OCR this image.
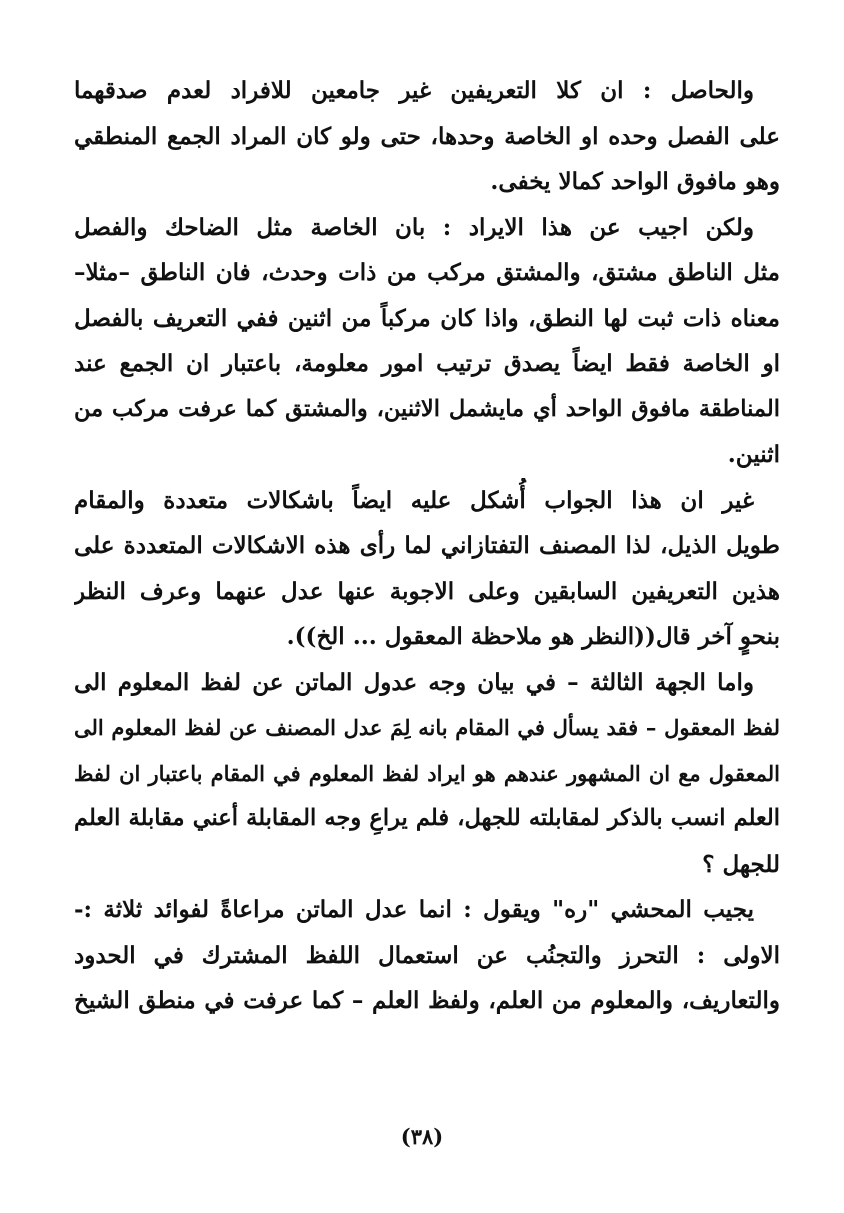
والحاصل : ان كلا التعريفين غير جامعين للافراد لعدم صدقهما
على الفصل وحده او الخاصة وحدها، حتى ولو كان المراد الجمع المنطقي
وهو مافوق الواحد كمالا يخفى.
ولكن اجيب عن هذا الايراد : بان الخاصة مثل الضاحك والفصل
مثل الناطق مشتق، والمشتق مركب من ذات وحدث، فان الناطق –مثلا–
معناه ذات ثبت لها النطق، واذا كان مركباً من اثنين ففي التعريف بالفصل
او الخاصة فقط ايضاً يصدق ترتيب امور معلومة، باعتبار ان الجمع عند
المناطقة مافوق الواحد أي مايشمل الاثنين، والمشتق كما عرفت مركب من
اثنين.
غير ان هذا الجواب أُشكل عليه ايضاً باشكالات متعددة والمقام
طويل الذيل، لذا المصنف التفتازاني لما رأى هذه الاشكالات المتعددة على
هذين التعريفين السابقين وعلى الاجوبة عنها عدل عنهما وعرف النظر
بنحوٍ آخر قال((النظر هو ملاحظة المعقول ... الخ)).
واما الجهة الثالثة – في بيان وجه عدول الماتن عن لفظ المعلوم الى
لفظ المعقول – فقد يسأل في المقام بانه لِمَ عدل المصنف عن لفظ المعلوم الى
المعقول مع ان المشهور عندهم هو ايراد لفظ المعلوم في المقام باعتبار ان لفظ
العلم انسب بالذكر لمقابلته للجهل، فلم يراعِ وجه المقابلة أعني مقابلة العلم
للجهل ؟
يجيب المحشي "ره" ويقول : انما عدل الماتن مراعاةً لفوائد ثلاثة :-
الاولى : التحرز والتجنُب عن استعمال اللفظ المشترك في الحدود
والتعاريف، والمعلوم من العلم، ولفظ العلم – كما عرفت في منطق الشيخ
(٣٨)
